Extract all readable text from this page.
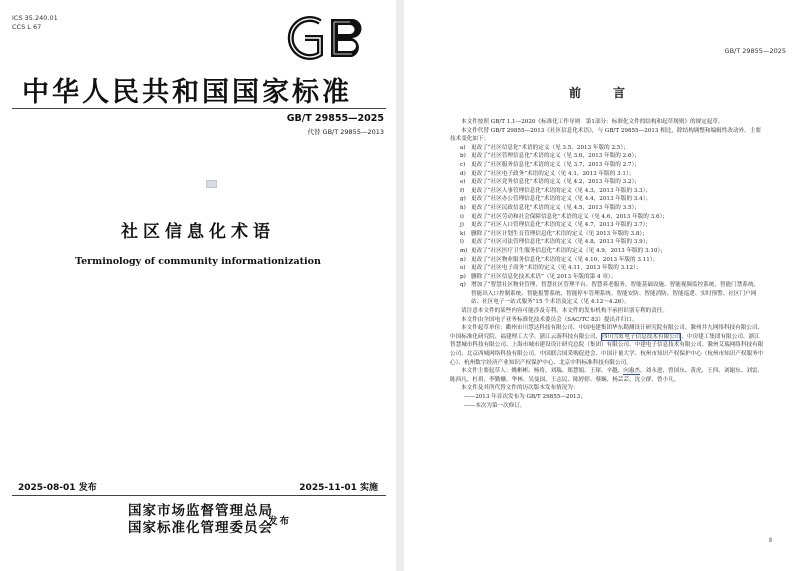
ICS 35.240.01
CCS L 67
中华人民共和国国家标准
GB/T 29855—2025
代替 GB/T 29855—2013
社区信息化术语
Terminology of community informationization
2025-08-01 发布	2025-11-01 实施
国家市场监督管理总局
国家标准化管理委员会
发布
GB/T 29855—2025
前　言

本文件按照 GB/T 1.1—2020《标准化工作导则　第1部分：标准化文件的结构和起草规则》的规定起草。

本文件代替 GB/T 29855—2013《社区信息化术语》，与 GB/T 29855—2013 相比，除结构调整和编辑性改动外，主要技术变化如下：

a) 更改了“社区信息化”术语的定义（见 3.5，2013 年版的 2.5）；
b) 更改了“社区管理信息化”术语的定义（见 3.6，2013 年版的 2.6）；
c) 更改了“社区服务信息化”术语的定义（见 3.7，2013 年版的 2.7）；
d) 更改了“社区电子政务”术语的定义（见 4.1，2013 年版的 3.1）；
e) 更改了“社区党务信息化”术语的定义（见 4.2，2013 年版的 3.2）；
f) 更改了“社区人事管理信息化”术语的定义（见 4.3，2013 年版的 3.3）；
g) 更改了“社区办公管理信息化”术语的定义（见 4.4，2013 年版的 3.4）；
h) 更改了“社区民政信息化”术语的定义（见 4.5，2013 年版的 3.5）；
i) 更改了“社区劳动和社会保障信息化”术语的定义（见 4.6，2013 年版的 3.6）；
j) 更改了“社区人口管理信息化”术语的定义（见 4.7，2013 年版的 3.7）；
k) 删除了“社区计划生育管理信息化”术语的定义（见 2013 年版的 3.8）；
l) 更改了“社区司法管理信息化”术语的定义（见 4.8，2013 年版的 3.9）；
m) 更改了“社区医疗卫生服务信息化”术语的定义（见 4.9，2013 年版的 3.10）；
n) 更改了“社区物业服务信息化”术语的定义（见 4.10，2013 年版的 3.11）；
o) 更改了“社区电子商务”术语的定义（见 4.11，2013 年版的 3.12）；
p) 删除了“社区信息化技术术语”（见 2013 年版的第 4 章）；
q) 增加了“智慧社区物业管理、智慧社区管理平台、智慧养老服务、智能基础设施、智能视频监控系统、智能门禁系统、智能出入口控制系统、智能报警系统、智能停车管理系统、智能安防、智能消防、智能巡逻、实时预警、社区门户网站、社区电子一站式服务”15 个术语及定义（见 4.12～4.26）。

请注意本文件的某些内容可能涉及专利。本文件的发布机构不承担识别专利的责任。

本文件由全国电子业务标准化技术委员会（SAC/TC 83）提出并归口。

本文件起草单位：衢州市川慧达科技有限公司、中国电建集团华东勘测设计研究院有限公司、滁州井九网络科技有限公司、中国标准化研究院、福建理工大学、浙江云游科技有限公司、四川雪虹电子信息技术有限公司、中房建工集团有限公司、浙江智慧城市科技有限公司、上海市城市建设设计研究总院（集团）有限公司、中建电子信息技术有限公司、滁州艾瑞网络科技有限公司、北京西城网络科技有限公司、中国联合国采购促进会、中国计量大学、杭州市知识产权保护中心（杭州市知识产权服务中心）、杭州数字经济产业知识产权保护中心、北京中科标准科技有限公司。

本文件主要起草人：姚彬彬、杨将、刘瑞、郑慧娟、王琛、辛越、向惠杰、刘永进、曾国东、黄虎、王四、刘谢东、刘雷、陈西凡、杜玥、李勤姗、华林、吴曼国、王志民、陈婷婷、蔡娴、杨芸芸、沈立群、曾小凡。

本文件及其所代替文件的历次版本发布情况为：

——2013 年首次发布为 GB/T 29855—2013；
——本次为第一次修订。
Ⅱ
